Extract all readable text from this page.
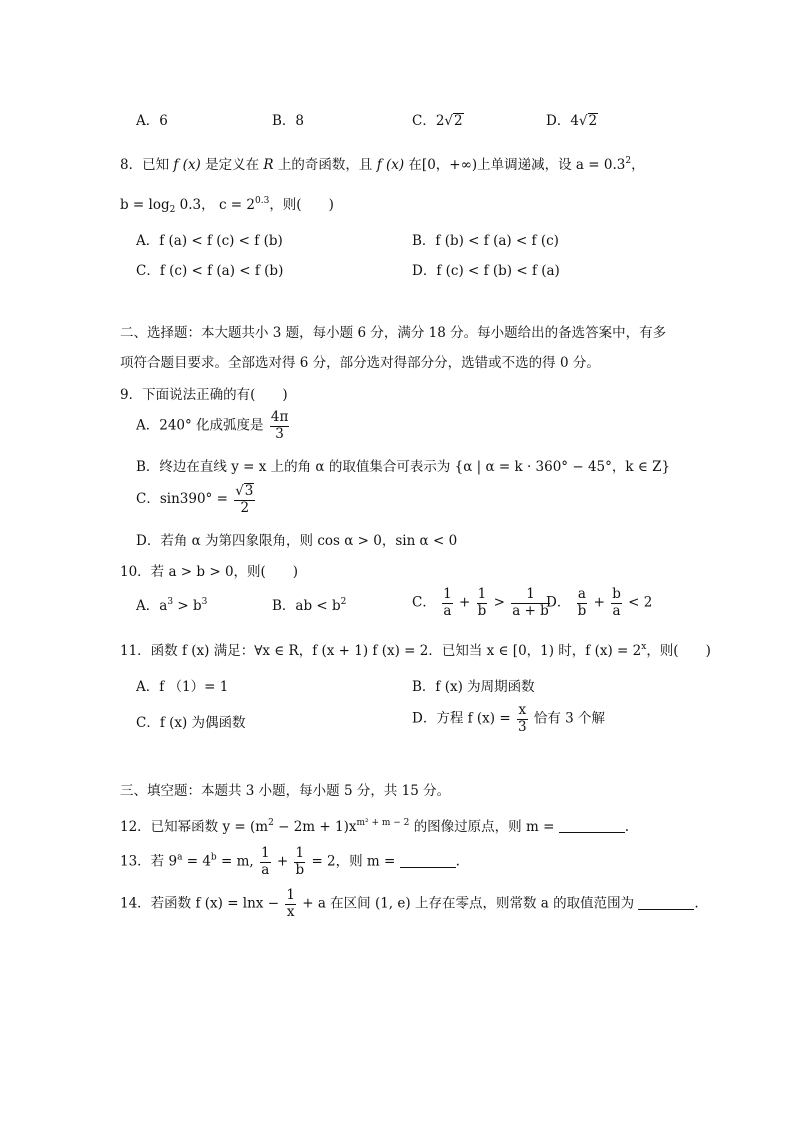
A．6	B．8	C．2√2	D．4√2
8．已知 f (x) 是定义在 R 上的奇函数，且 f (x) 在[0，+∞)上单调递减，设 $a = 0.3^2$，
$b = \log_2 0.3$， $c = 2^{0.3}$，则(　　)
A．f (a) < f (c) < f (b)	B．f (b) < f (a) < f (c)
C．f (c) < f (a) < f (b)	D．f (c) < f (b) < f (a)
二、选择题：本大题共小 3 题，每小题 6 分，满分 18 分。每小题给出的备选答案中，有多
项符合题目要求。全部选对得 6 分，部分选对得部分分，选错或不选的得 0 分。
9．下面说法正确的有(　　)
A．240° 化成弧度是 $\frac{4\pi}{3}$
B．终边在直线 y = x 上的角 α 的取值集合可表示为 {α | α = k · 360° − 45°，k ∈ Z}
C．$\sin 390^\circ = \frac{√3}{2}$
D．若角 α 为第四象限角，则 cos α > 0，sin α < 0
10．若 a > b > 0，则(　　)
A．$a^3 > b^3$	B．ab < $b^2$	C． $\frac{1}{a} + \frac{1}{b} > \frac{1}{a + b}$
D． $\frac{a}{b} + \frac{b}{a} < 2$
11．函数 f (x) 满足：∀x ∈ R，f (x + 1) f (x) = 2．已知当 x ∈ [0，1) 时，f $(x) = 2^x$，则(　　)
A．f （1）= 1	B．f (x) 为周期函数
C．f (x) 为偶函数	D．方程 f $(x) = \frac{x}{3}$ 恰有 3 个解
三、填空题：本题共 3 小题，每小题 5 分，共 15 分。
12．已知幂函数 $y = (m^2 - 2m + 1)x^{m^2 + m - 2}$ 的图像过原点，则 m =	.
13．若 $9^a = 4^b = m$, $\frac{1}{a} + \frac{1}{b} = 2$，则 m =	.
14．若函数 f $(x) = \ln x - \frac{1}{x} + a$ 在区间 (1, e) 上存在零点，则常数 a 的取值范围为	.
